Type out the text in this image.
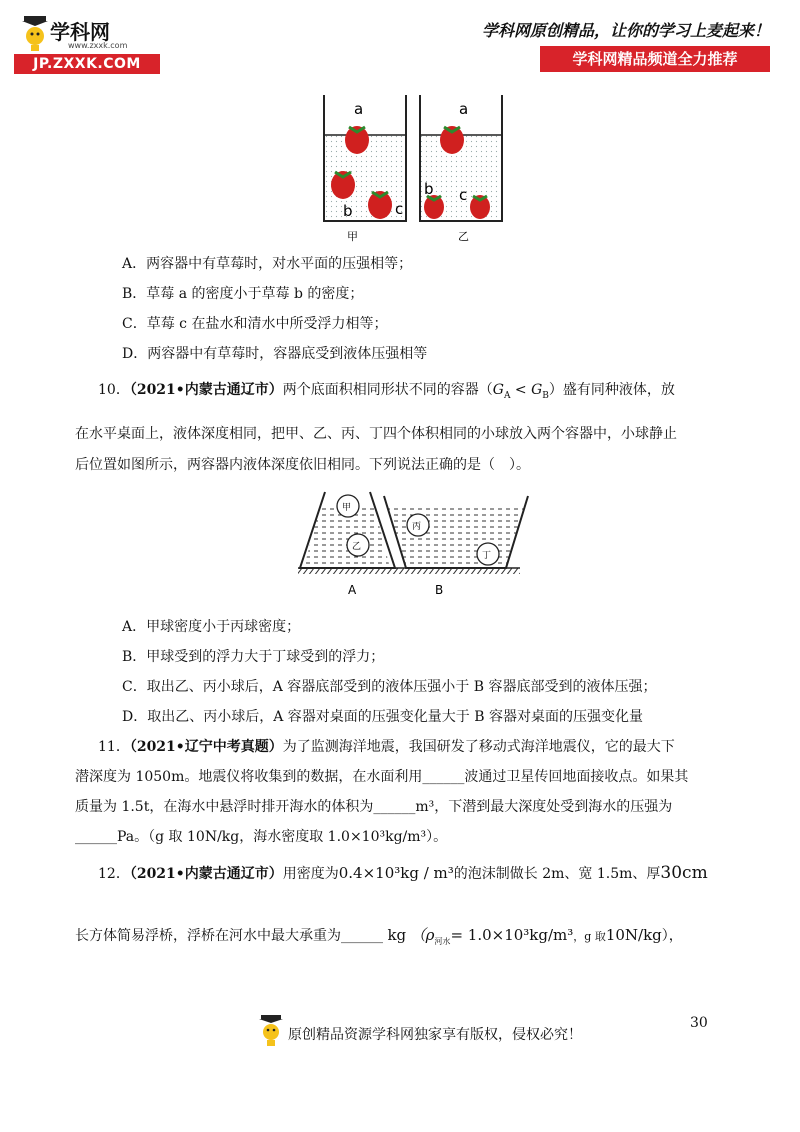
学科网
www.zxxk.com
JP.ZXXK.COM
学科网原创精品，让你的学习上麦起来！
学科网精品频道全力推荐
a
b	c
a
b c
甲	乙
A．两容器中有草莓时，对水平面的压强相等；
B．草莓 a 的密度小于草莓 b 的密度；
C．草莓 c 在盐水和清水中所受浮力相等；
D．两容器中有草莓时，容器底受到液体压强相等
10．（2021•内蒙古通辽市）两个底面积相同形状不同的容器$(G_A < G_B)$盛有同种液体，放
在水平桌面上，液体深度相同，把甲、乙、丙、丁四个体积相同的小球放入两个容器中，小球静止
后位置如图所示，两容器内液体深度依旧相同。下列说法正确的是（　）。
甲
乙
丙
丁
A	B
A．甲球密度小于丙球密度；
B．甲球受到的浮力大于丁球受到的浮力；
C．取出乙、丙小球后，A 容器底部受到的液体压强小于 B 容器底部受到的液体压强；
D．取出乙、丙小球后，A 容器对桌面的压强变化量大于 B 容器对桌面的压强变化量
11．（2021•辽宁中考真题）为了监测海洋地震，我国研发了移动式海洋地震仪，它的最大下
潜深度为 1050m。地震仪将收集到的数据，在水面利用______波通过卫星传回地面接收点。如果其
质量为 1.5t，在海水中悬浮时排开海水的体积为______m³，下潜到最大深度处受到海水的压强为
______Pa。（g 取 10N/kg，海水密度取 1.0×10³kg/m³）。
12．（2021•内蒙古通辽市）用密度为0.4×10³kg / m³的泡沫制做长 2m、宽 1.5m、厚30cm
长方体简易浮桥，浮桥在河水中最大承重为______ kg （$\rho_{河水}= 1.0\times 10^3kg/m^3$，g 取10N/kg），
30
原创精品资源学科网独家享有版权，侵权必究！
